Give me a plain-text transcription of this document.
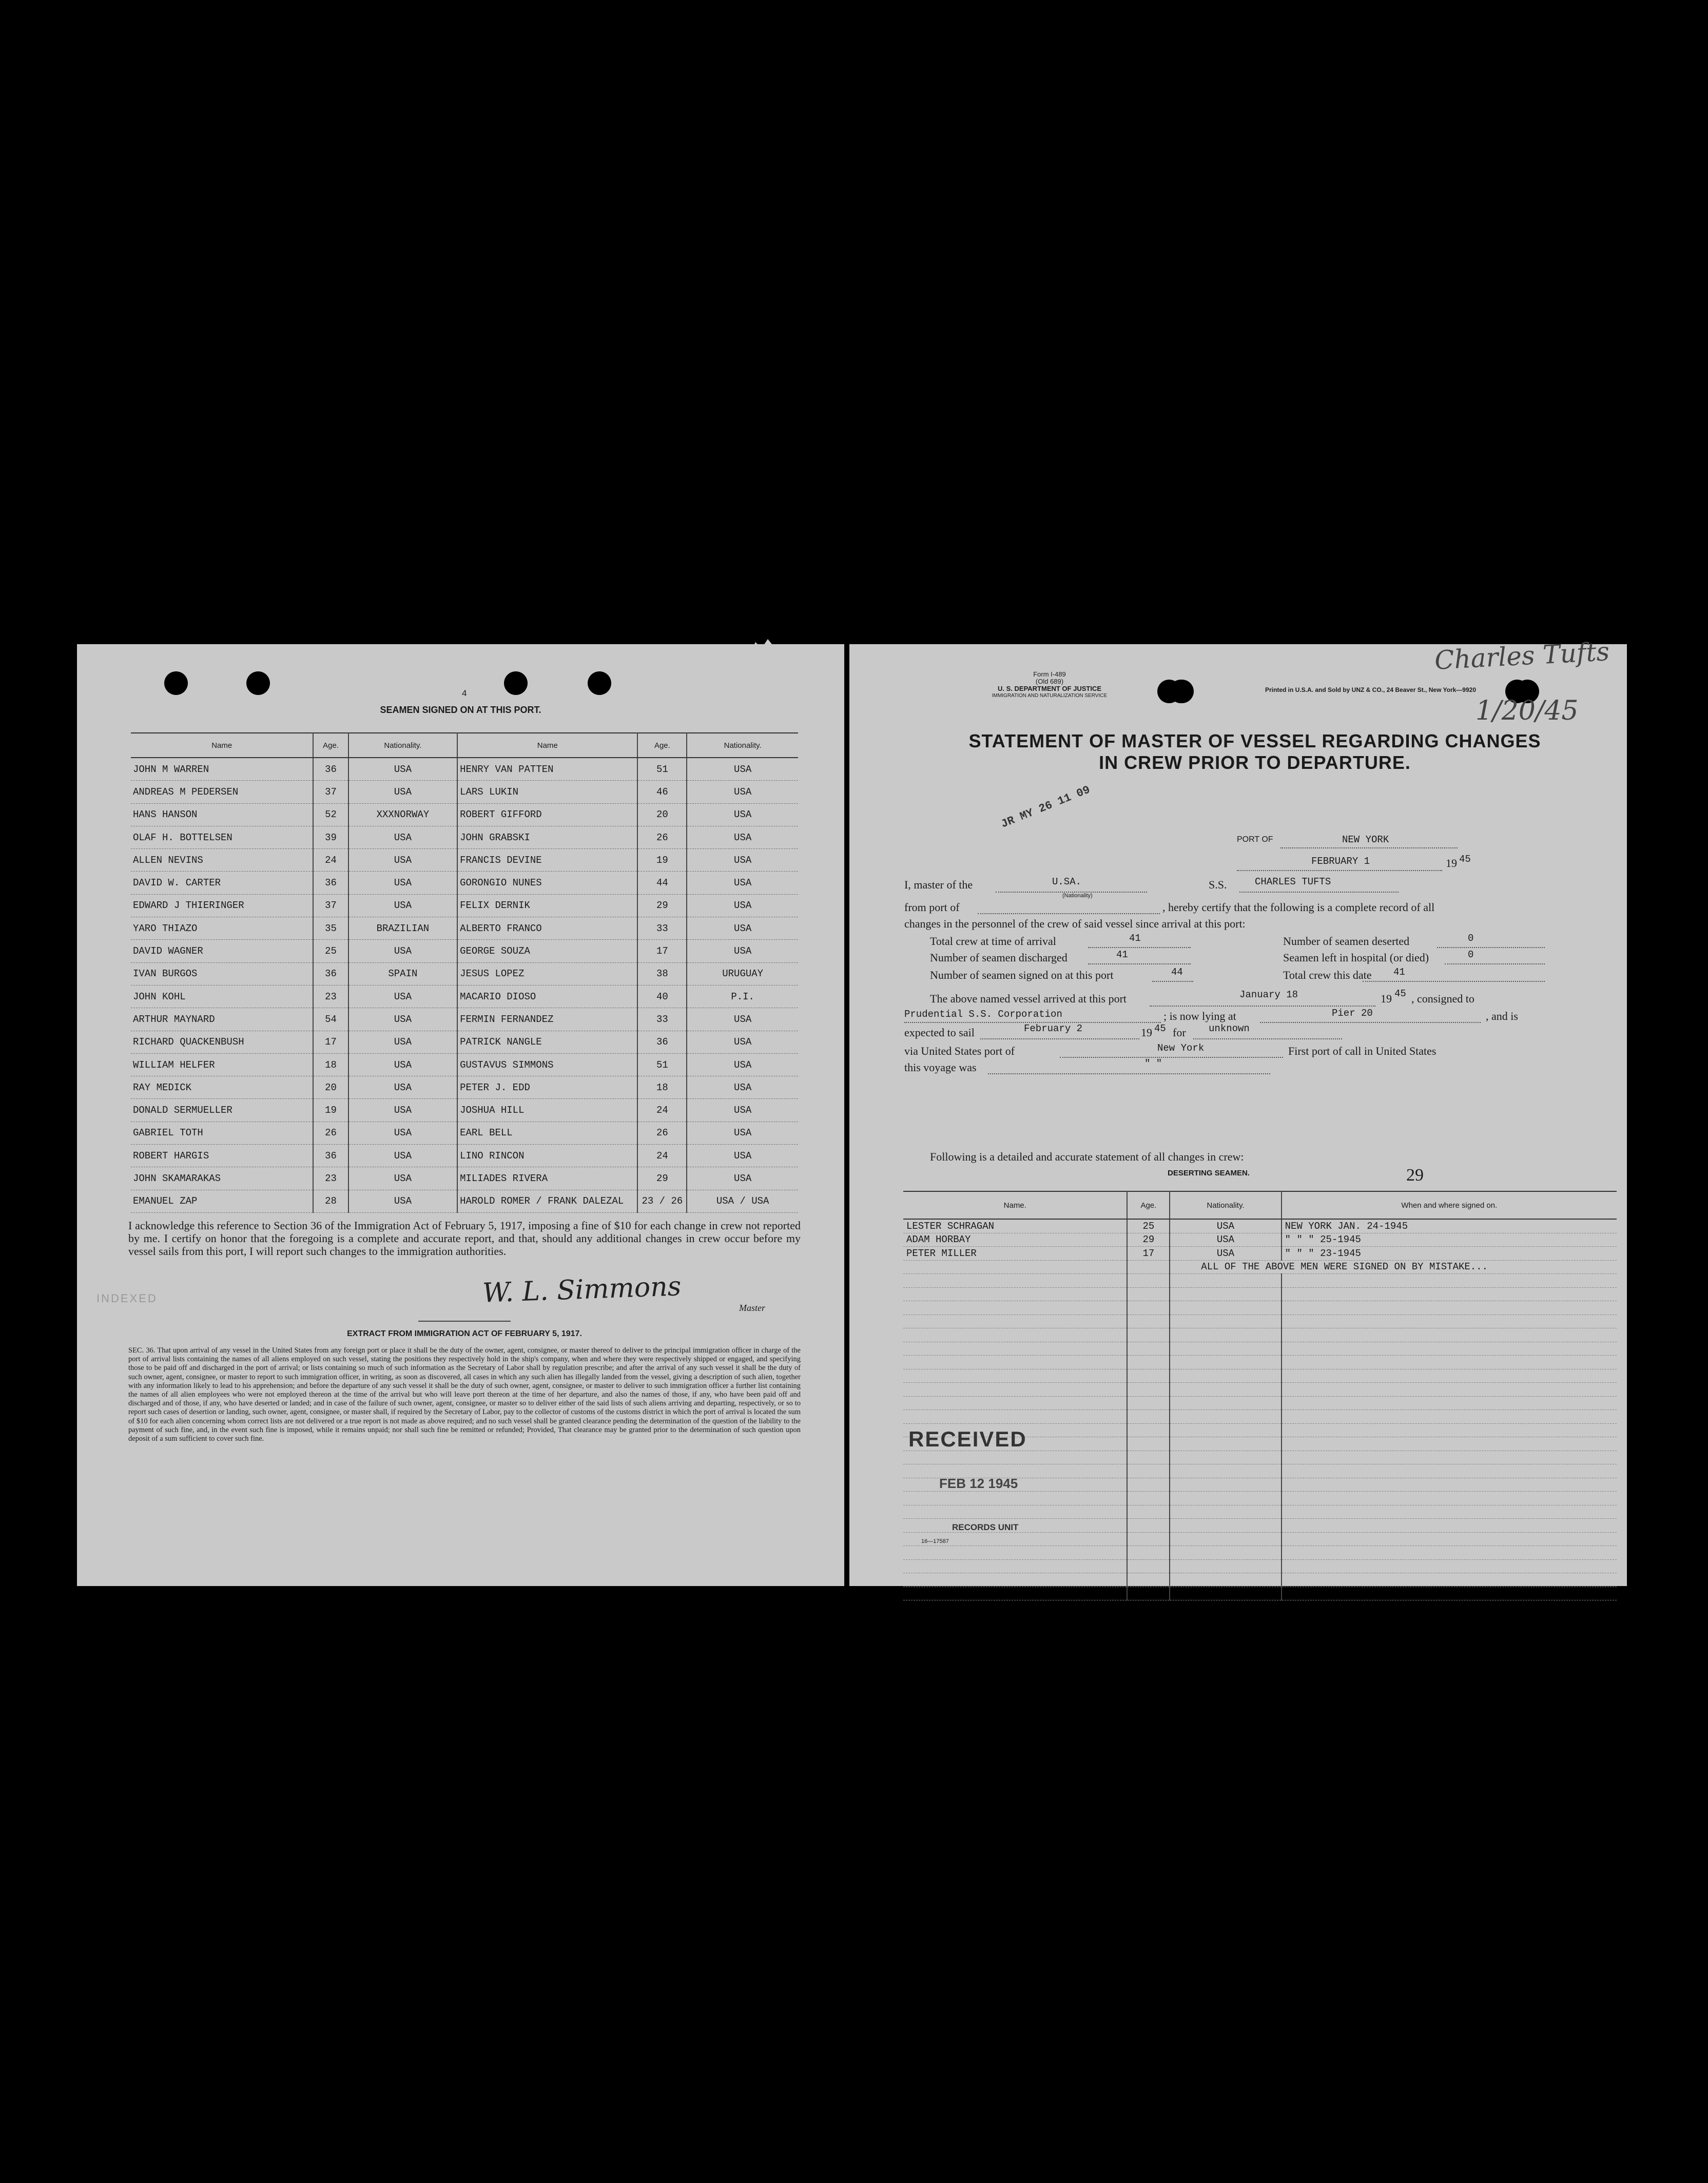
4
SEAMEN SIGNED ON AT THIS PORT.
Name	Age.	Nationality.	Name	Age.	Nationality.
JOHN M WARREN	36	USA	HENRY VAN PATTEN	51	USA
ANDREAS M PEDERSEN	37	USA	LARS LUKIN	46	USA
HANS HANSON	52	XXXNORWAY	ROBERT GIFFORD	20	USA
OLAF H. BOTTELSEN	39	USA	JOHN GRABSKI	26	USA
ALLEN NEVINS	24	USA	FRANCIS DEVINE	19	USA
DAVID W. CARTER	36	USA	GORONGIO NUNES	44	USA
EDWARD J THIERINGER	37	USA	FELIX DERNIK	29	USA
YARO THIAZO	35	BRAZILIAN	ALBERTO FRANCO	33	USA
DAVID WAGNER	25	USA	GEORGE SOUZA	17	USA
IVAN BURGOS	36	SPAIN	JESUS LOPEZ	38	URUGUAY
JOHN KOHL	23	USA	MACARIO DIOSO	40	P.I.
ARTHUR MAYNARD	54	USA	FERMIN FERNANDEZ	33	USA
RICHARD QUACKENBUSH	17	USA	PATRICK NANGLE	36	USA
WILLIAM HELFER	18	USA	GUSTAVUS SIMMONS	51	USA
RAY MEDICK	20	USA	PETER J. EDD	18	USA
DONALD SERMUELLER	19	USA	JOSHUA HILL	24	USA
GABRIEL TOTH	26	USA	EARL BELL	26	USA
ROBERT HARGIS	36	USA	LINO RINCON	24	USA
JOHN SKAMARAKAS	23	USA	MILIADES RIVERA	29	USA
EMANUEL ZAP	28	USA	HAROLD ROMER / FRANK DALEZAL	23 / 26	USA / USA
I acknowledge this reference to Section 36 of the Immigration Act of February 5, 1917, imposing a fine of $10 for each change in crew not reported by me. I certify on honor that the foregoing is a complete and accurate report, and that, should any additional changes in crew occur before my vessel sails from this port, I will report such changes to the immigration authorities.
W. L. Simmons	Master
INDEXED
EXTRACT FROM IMMIGRATION ACT OF FEBRUARY 5, 1917.
SEC. 36. That upon arrival of any vessel in the United States from any foreign port or place it shall be the duty of the owner, agent, consignee, or master thereof to deliver to the principal immigration officer in charge of the port of arrival lists containing the names of all aliens employed on such vessel, stating the positions they respectively hold in the ship's company, when and where they were respectively shipped or engaged, and specifying those to be paid off and discharged in the port of arrival; or lists containing so much of such information as the Secretary of Labor shall by regulation prescribe; and after the arrival of any such vessel it shall be the duty of such owner, agent, consignee, or master to report to such immigration officer, in writing, as soon as discovered, all cases in which any such alien has illegally landed from the vessel, giving a description of such alien, together with any information likely to lead to his apprehension; and before the departure of any such vessel it shall be the duty of such owner, agent, consignee, or master to deliver to such immigration officer a further list containing the names of all alien employees who were not employed thereon at the time of the arrival but who will leave port thereon at the time of her departure, and also the names of those, if any, who have been paid off and discharged and of those, if any, who have deserted or landed; and in case of the failure of such owner, agent, consignee, or master so to deliver either of the said lists of such aliens arriving and departing, respectively, or so to report such cases of desertion or landing, such owner, agent, consignee, or master shall, if required by the Secretary of Labor, pay to the collector of customs of the customs district in which the port of arrival is located the sum of $10 for each alien concerning whom correct lists are not delivered or a true report is not made as above required; and no such vessel shall be granted clearance pending the determination of the question of the liability to the payment of such fine, and, in the event such fine is imposed, while it remains unpaid; nor shall such fine be remitted or refunded; Provided, That clearance may be granted prior to the determination of such question upon deposit of a sum sufficient to cover such fine.
Form I-489
(Old 689)
U. S. DEPARTMENT OF JUSTICE
IMMIGRATION AND NATURALIZATION SERVICE
Printed in U.S.A. and Sold by UNZ & CO., 24 Beaver St., New York—9920
Charles Tufts
1/20/45
STATEMENT OF MASTER OF VESSEL REGARDING CHANGES
IN CREW PRIOR TO DEPARTURE.
JR MY 26 11 09
PORT OF	NEW YORK
FEBRUARY 1	19 45
I, master of the	U.SA.
(Nationality)
S.S.	CHARLES TUFTS
from port of	, hereby certify that the following is a complete record of all
changes in the personnel of the crew of said vessel since arrival at this port:
Total crew at time of arrival	41	Number of seamen deserted	0
Number of seamen discharged	41	Seamen left in hospital (or died)	0
Number of seamen signed on at this port	44	Total crew this date 41
The above named vessel arrived at this port	January 18	19 45 , consigned to
Prudential S.S. Corporation	; is now lying at	Pier 20	, and is
expected to sail	February 2	19 45 for unknown
via United States port of	New York	First port of call in United States
this voyage was	" "
Following is a detailed and accurate statement of all changes in crew:
DESERTING SEAMEN.	29
Name.	Age.	Nationality.	When and where signed on.
LESTER SCHRAGAN	25	USA	NEW YORK JAN. 24-1945
ADAM HORBAY	29	USA	" " " 25-1945
PETER MILLER	17	USA	" " " 23-1945
		ALL OF THE ABOVE MEN WERE SIGNED ON BY MISTAKE...	

RECEIVED
FEB 12 1945
RECORDS UNIT
16—17587
